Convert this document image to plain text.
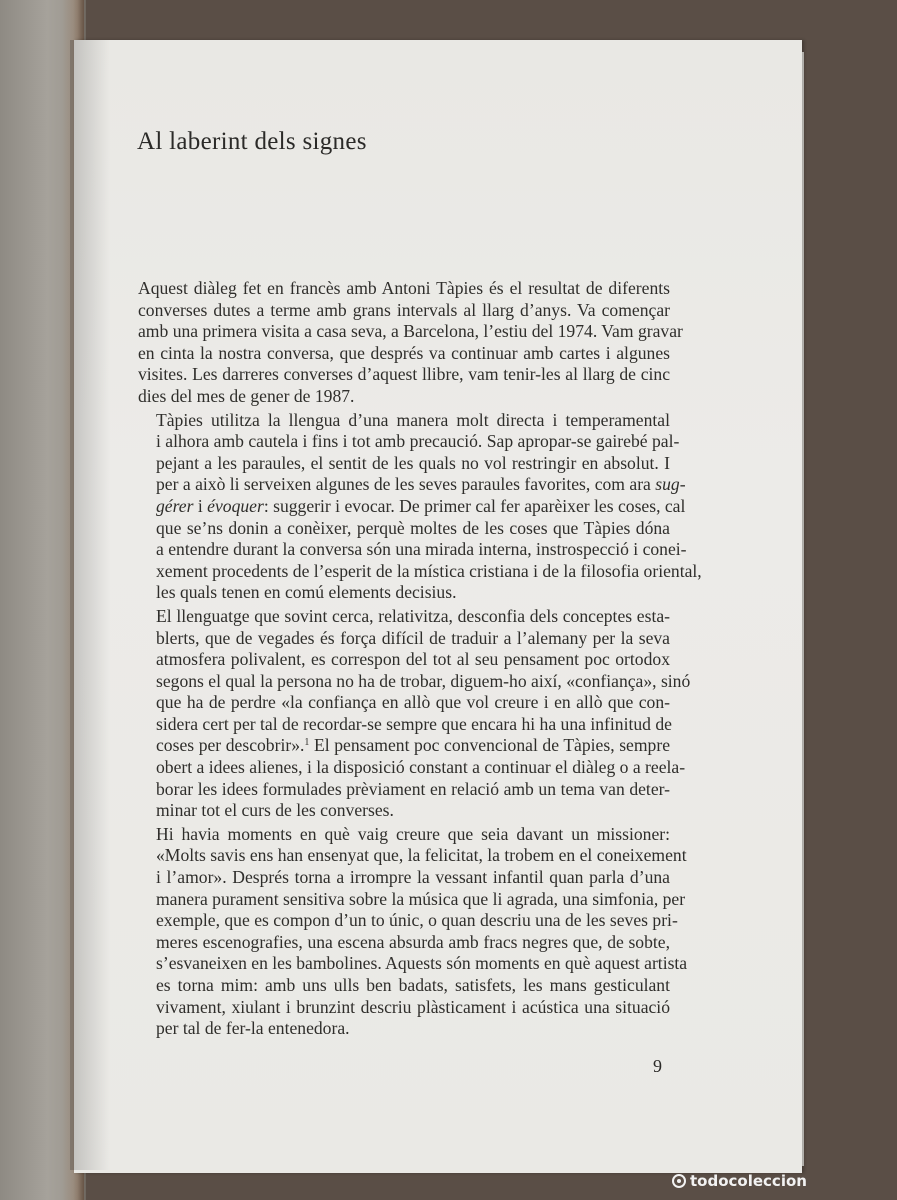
Al laberint dels signes

Aquest diàleg fet en francès amb Antoni Tàpies és el resultat de diferents
converses dutes a terme amb grans intervals al llarg d’anys. Va començar
amb una primera visita a casa seva, a Barcelona, l’estiu del 1974. Vam gravar
en cinta la nostra conversa, que després va continuar amb cartes i algunes
visites. Les darreres converses d’aquest llibre, vam tenir-les al llarg de cinc
dies del mes de gener de 1987.

Tàpies utilitza la llengua d’una manera molt directa i temperamental
i alhora amb cautela i fins i tot amb precaució. Sap apropar-se gairebé pal-
pejant a les paraules, el sentit de les quals no vol restringir en absolut. I
per a això li serveixen algunes de les seves paraules favorites, com ara sug-
gérer i évoquer: suggerir i evocar. De primer cal fer aparèixer les coses, cal
que se’ns donin a conèixer, perquè moltes de les coses que Tàpies dóna
a entendre durant la conversa són una mirada interna, instrospecció i conei-
xement procedents de l’esperit de la mística cristiana i de la filosofia oriental,
les quals tenen en comú elements decisius.

El llenguatge que sovint cerca, relativitza, desconfia dels conceptes esta-
blerts, que de vegades és força difícil de traduir a l’alemany per la seva
atmosfera polivalent, es correspon del tot al seu pensament poc ortodox
segons el qual la persona no ha de trobar, diguem-ho així, «confiança», sinó
que ha de perdre «la confiança en allò que vol creure i en allò que con-
sidera cert per tal de recordar-se sempre que encara hi ha una infinitud de
coses per descobrir».$^1$ El pensament poc convencional de Tàpies, sempre
obert a idees alienes, i la disposició constant a continuar el diàleg o a reela-
borar les idees formulades prèviament en relació amb un tema van deter-
minar tot el curs de les converses.

Hi havia moments en què vaig creure que seia davant un missioner:
«Molts savis ens han ensenyat que, la felicitat, la trobem en el coneixement
i l’amor». Després torna a irrompre la vessant infantil quan parla d’una
manera purament sensitiva sobre la música que li agrada, una simfonia, per
exemple, que es compon d’un to únic, o quan descriu una de les seves pri-
meres escenografies, una escena absurda amb fracs negres que, de sobte,
s’esvaneixen en les bambolines. Aquests són moments en què aquest artista
es torna mim: amb uns ulls ben badats, satisfets, les mans gesticulant
vivament, xiulant i brunzint descriu plàsticament i acústica una situació
per tal de fer-la entenedora.

9
todocoleccion
